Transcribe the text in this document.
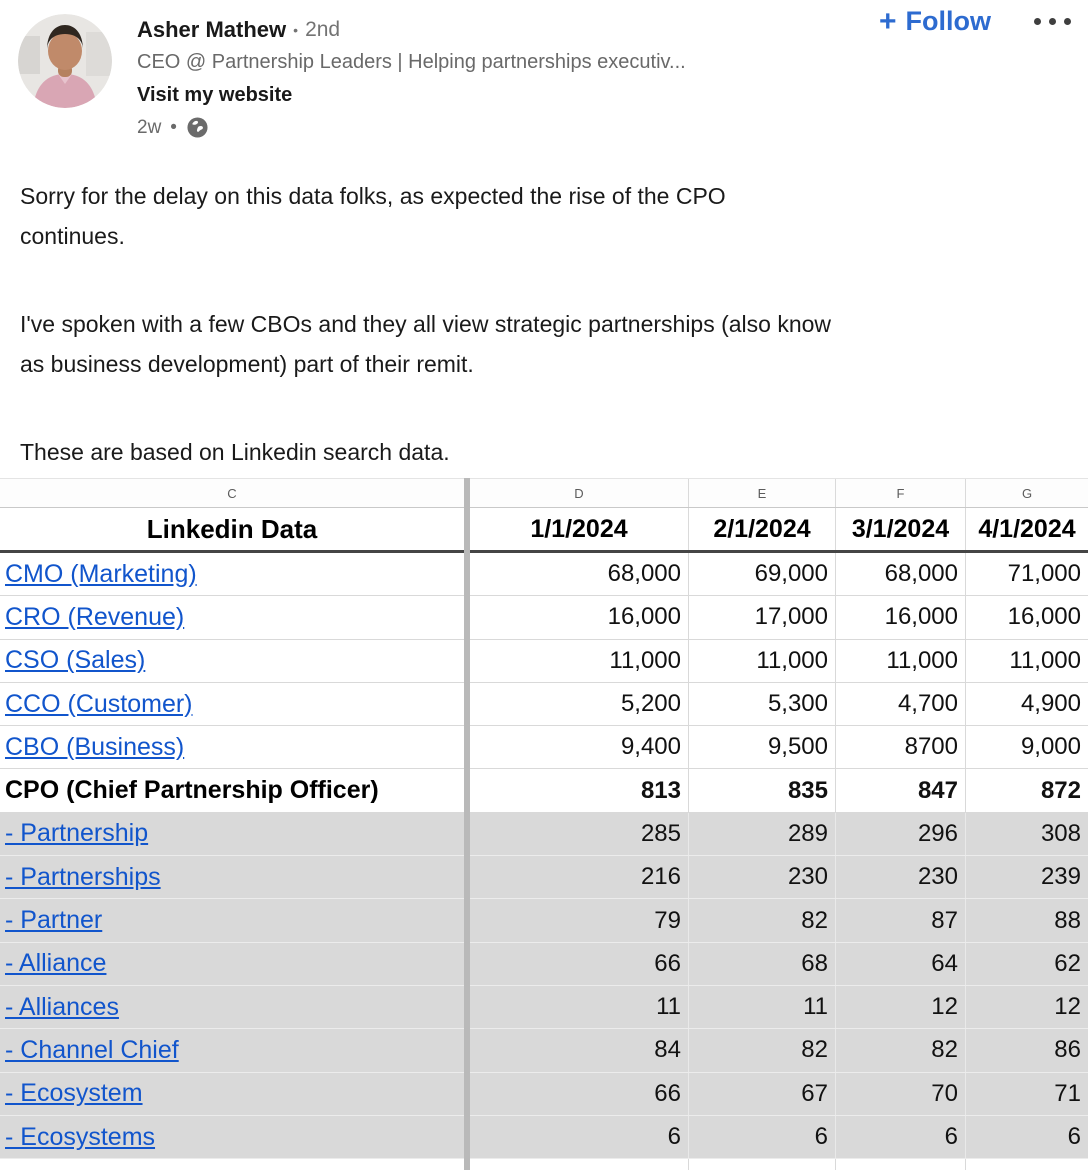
Asher Mathew • 2nd
CEO @ Partnership Leaders | Helping partnerships executiv...
Visit my website
2w •
+ Follow
Sorry for the delay on this data folks, as expected the rise of the CPO
continues.
I've spoken with a few CBOs and they all view strategic partnerships (also know
as business development) part of their remit.
These are based on Linkedin search data.
C	D	E	F	G
Linkedin Data	1/1/2024	2/1/2024	3/1/2024	4/1/2024
CMO (Marketing)	68,000	69,000	68,000	71,000
CRO (Revenue)	16,000	17,000	16,000	16,000
CSO (Sales)	11,000	11,000	11,000	11,000
CCO (Customer)	5,200	5,300	4,700	4,900
CBO (Business)	9,400	9,500	8700	9,000
CPO (Chief Partnership Officer)	813	835	847	872
- Partnership	285	289	296	308
- Partnerships	216	230	230	239
- Partner	79	82	87	88
- Alliance	66	68	64	62
- Alliances	11	11	12	12
- Channel Chief	84	82	82	86
- Ecosystem	66	67	70	71
- Ecosystems	6	6	6	6
